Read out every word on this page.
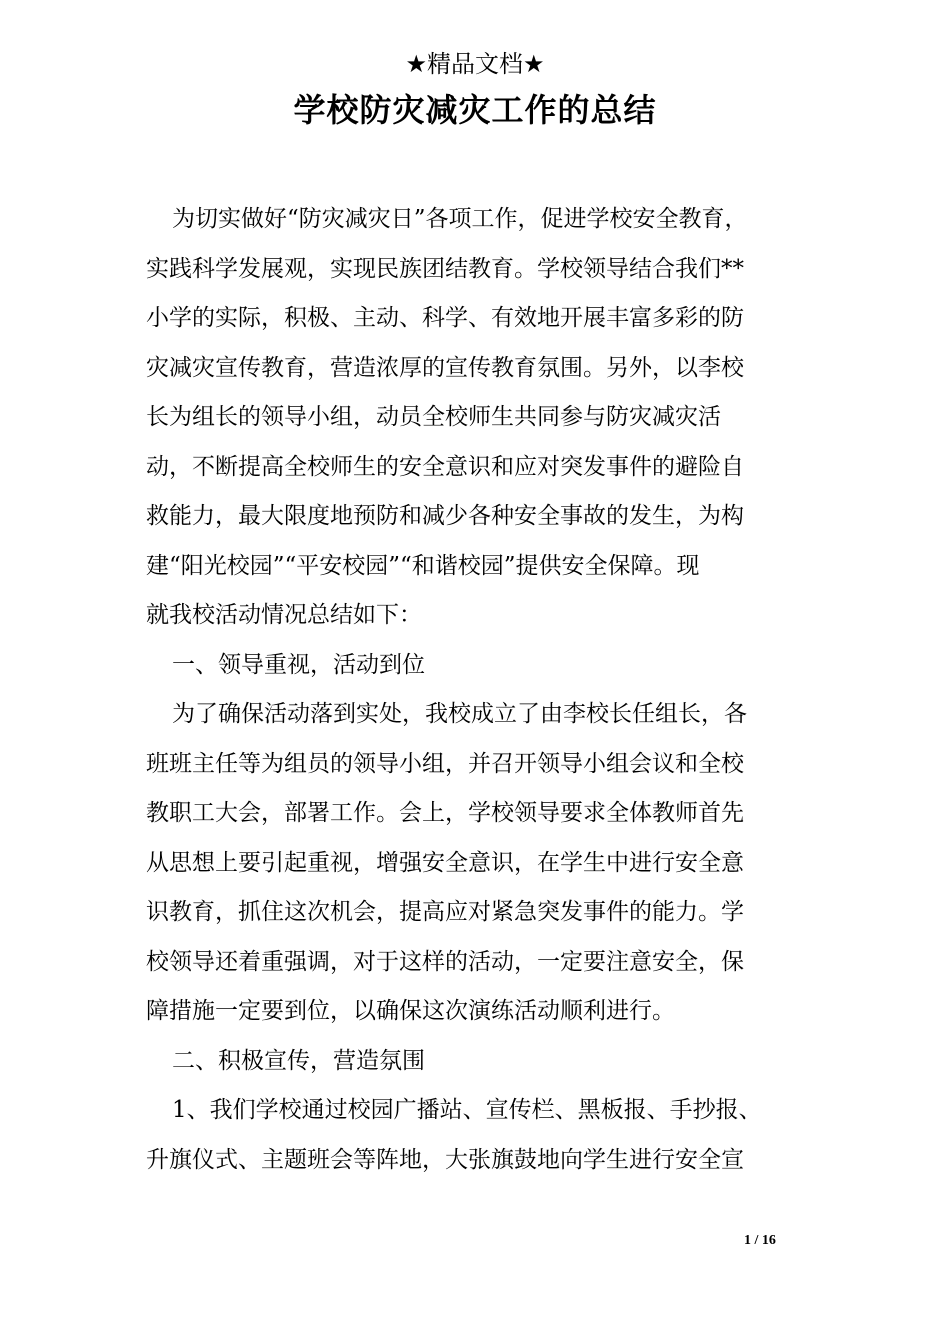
★精品文档★
学校防灾减灾工作的总结
为切实做好“防灾减灾日”各项工作，促进学校安全教育，
实践科学发展观，实现民族团结教育。学校领导结合我们**
小学的实际，积极、主动、科学、有效地开展丰富多彩的防
灾减灾宣传教育，营造浓厚的宣传教育氛围。另外，以李校
长为组长的领导小组，动员全校师生共同参与防灾减灾活
动，不断提高全校师生的安全意识和应对突发事件的避险自
救能力，最大限度地预防和减少各种安全事故的发生，为构
建“阳光校园”“平安校园”“和谐校园”提供安全保障。现
就我校活动情况总结如下：
一、领导重视，活动到位
为了确保活动落到实处，我校成立了由李校长任组长，各
班班主任等为组员的领导小组，并召开领导小组会议和全校
教职工大会，部署工作。会上，学校领导要求全体教师首先
从思想上要引起重视，增强安全意识，在学生中进行安全意
识教育，抓住这次机会，提高应对紧急突发事件的能力。学
校领导还着重强调，对于这样的活动，一定要注意安全，保
障措施一定要到位，以确保这次演练活动顺利进行。
二、积极宣传，营造氛围
1、我们学校通过校园广播站、宣传栏、黑板报、手抄报、
升旗仪式、主题班会等阵地，大张旗鼓地向学生进行安全宣
1 / 16
